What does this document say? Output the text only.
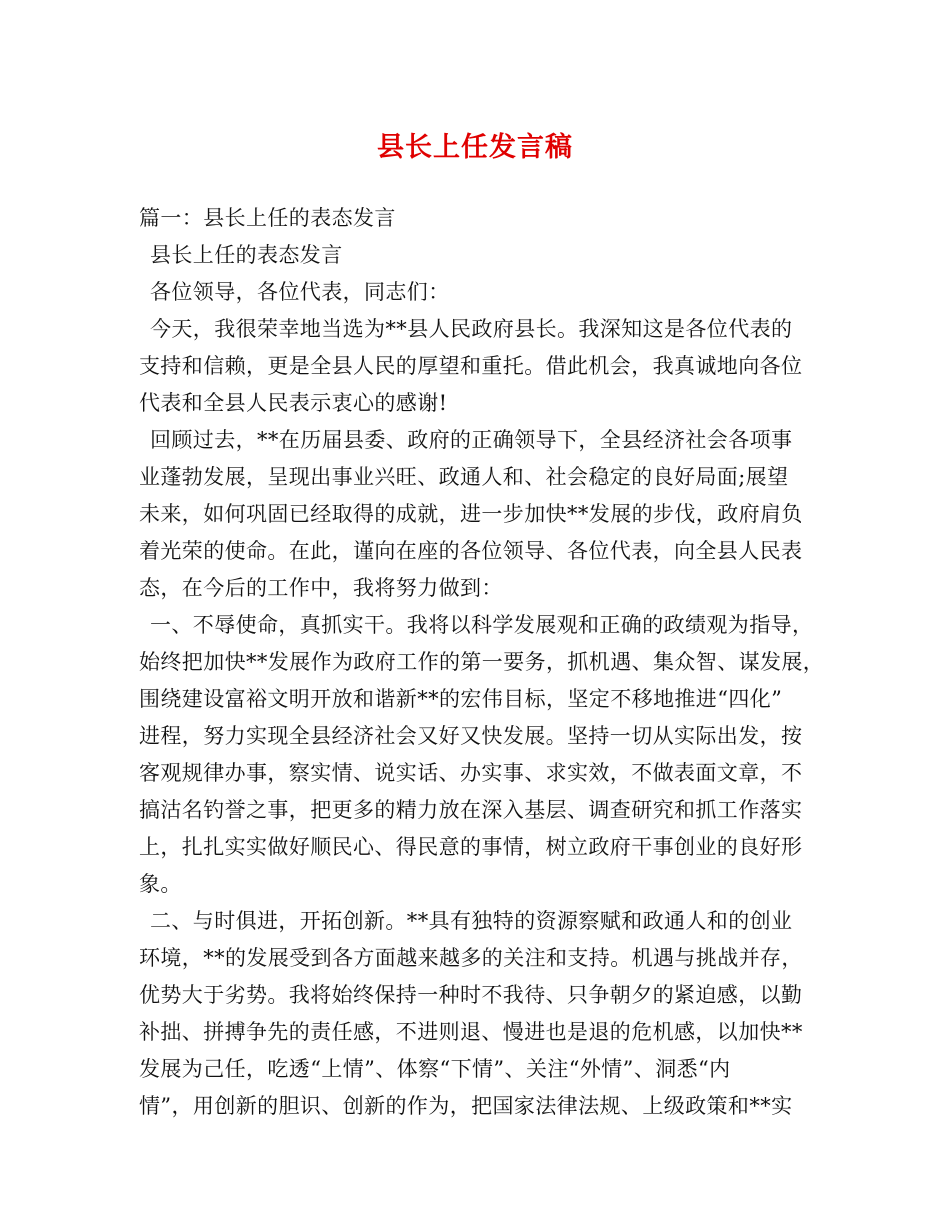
县长上任发言稿
篇一：县长上任的表态发言
县长上任的表态发言
各位领导，各位代表，同志们：
今天，我很荣幸地当选为**县人民政府县长。我深知这是各位代表的
支持和信赖，更是全县人民的厚望和重托。借此机会，我真诚地向各位
代表和全县人民表示衷心的感谢!
回顾过去，**在历届县委、政府的正确领导下，全县经济社会各项事
业蓬勃发展，呈现出事业兴旺、政通人和、社会稳定的良好局面;展望
未来，如何巩固已经取得的成就，进一步加快**发展的步伐，政府肩负
着光荣的使命。在此，谨向在座的各位领导、各位代表，向全县人民表
态，在今后的工作中，我将努力做到：
一、不辱使命，真抓实干。我将以科学发展观和正确的政绩观为指导，
始终把加快**发展作为政府工作的第一要务，抓机遇、集众智、谋发展，
围绕建设富裕文明开放和谐新**的宏伟目标，坚定不移地推进“四化”
进程，努力实现全县经济社会又好又快发展。坚持一切从实际出发，按
客观规律办事，察实情、说实话、办实事、求实效，不做表面文章，不
搞沽名钓誉之事，把更多的精力放在深入基层、调查研究和抓工作落实
上，扎扎实实做好顺民心、得民意的事情，树立政府干事创业的良好形
象。
二、与时俱进，开拓创新。**具有独特的资源察赋和政通人和的创业
环境，**的发展受到各方面越来越多的关注和支持。机遇与挑战并存，
优势大于劣势。我将始终保持一种时不我待、只争朝夕的紧迫感，以勤
补拙、拼搏争先的责任感，不进则退、慢进也是退的危机感，以加快**
发展为己任，吃透“上情”、体察“下情”、关注“外情”、洞悉“内
情”，用创新的胆识、创新的作为，把国家法律法规、上级政策和**实
